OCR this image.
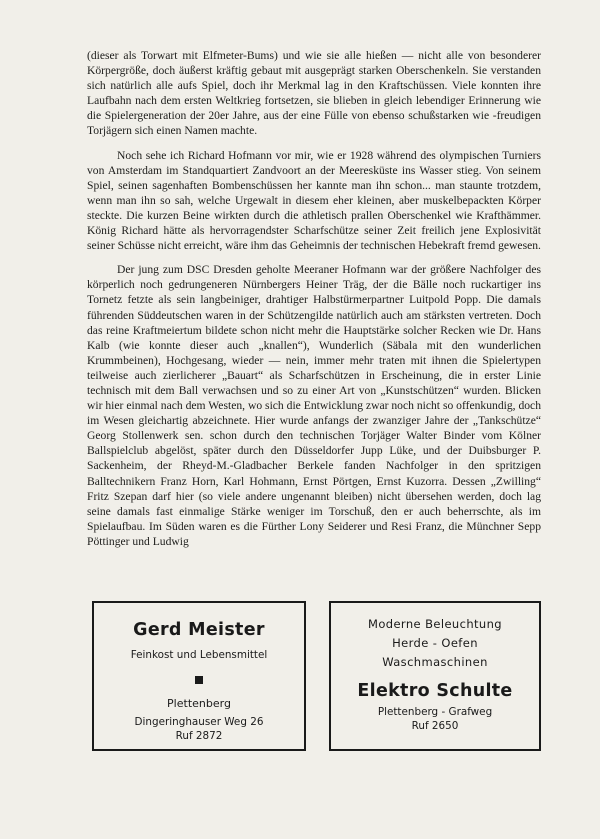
(dieser als Torwart mit Elfmeter-Bums) und wie sie alle hießen — nicht alle von besonderer Körpergröße, doch äußerst kräftig gebaut mit ausgeprägt starken Oberschenkeln. Sie verstanden sich natürlich alle aufs Spiel, doch ihr Merkmal lag in den Kraftschüssen. Viele konnten ihre Laufbahn nach dem ersten Weltkrieg fortsetzen, sie blieben in gleich lebendiger Erinnerung wie die Spielergeneration der 20er Jahre, aus der eine Fülle von ebenso schußstarken wie -freudigen Torjägern sich einen Namen machte.

Noch sehe ich Richard Hofmann vor mir, wie er 1928 während des olympischen Turniers von Amsterdam im Standquartiert Zandvoort an der Meeresküste ins Wasser stieg. Von seinem Spiel, seinen sagenhaften Bombenschüssen her kannte man ihn schon... man staunte trotzdem, wenn man ihn so sah, welche Urgewalt in diesem eher kleinen, aber muskelbepackten Körper steckte. Die kurzen Beine wirkten durch die athletisch prallen Oberschenkel wie Krafthämmer. König Richard hätte als hervorragendster Scharfschütze seiner Zeit freilich jene Explosivität seiner Schüsse nicht erreicht, wäre ihm das Geheimnis der technischen Hebekraft fremd gewesen.

Der jung zum DSC Dresden geholte Meeraner Hofmann war der größere Nachfolger des körperlich noch gedrungeneren Nürnbergers Heiner Träg, der die Bälle noch ruckartiger ins Tornetz fetzte als sein langbeiniger, drahtiger Halbstürmerpartner Luitpold Popp. Die damals führenden Süddeutschen waren in der Schützengilde natürlich auch am stärksten vertreten. Doch das reine Kraftmeiertum bildete schon nicht mehr die Hauptstärke solcher Recken wie Dr. Hans Kalb (wie konnte dieser auch „knallen“), Wunderlich (Säbala mit den wunderlichen Krummbeinen), Hochgesang, wieder — nein, immer mehr traten mit ihnen die Spielertypen teilweise auch zierlicherer „Bauart“ als Scharfschützen in Erscheinung, die in erster Linie technisch mit dem Ball verwachsen und so zu einer Art von „Kunstschützen“ wurden. Blicken wir hier einmal nach dem Westen, wo sich die Entwicklung zwar noch nicht so offenkundig, doch im Wesen gleichartig abzeichnete. Hier wurde anfangs der zwanziger Jahre der „Tankschütze“ Georg Stollenwerk sen. schon durch den technischen Torjäger Walter Binder vom Kölner Ballspielclub abgelöst, später durch den Düsseldorfer Jupp Lüke, und der Duibsburger P. Sackenheim, der Rheyd-M.-Gladbacher Berkele fanden Nachfolger in den spritzigen Balltechnikern Franz Horn, Karl Hohmann, Ernst Pörtgen, Ernst Kuzorra. Dessen „Zwilling“ Fritz Szepan darf hier (so viele andere ungenannt bleiben) nicht übersehen werden, doch lag seine damals fast einmalige Stärke weniger im Torschuß, den er auch beherrschte, als im Spielaufbau. Im Süden waren es die Fürther Lony Seiderer und Resi Franz, die Münchner Sepp Pöttinger und Ludwig

Gerd Meister
Feinkost und Lebensmittel
Plettenberg
Dingeringhauser Weg 26
Ruf 2872
Moderne Beleuchtung
Herde - Oefen
Waschmaschinen
Elektro Schulte
Plettenberg - Grafweg
Ruf 2650
